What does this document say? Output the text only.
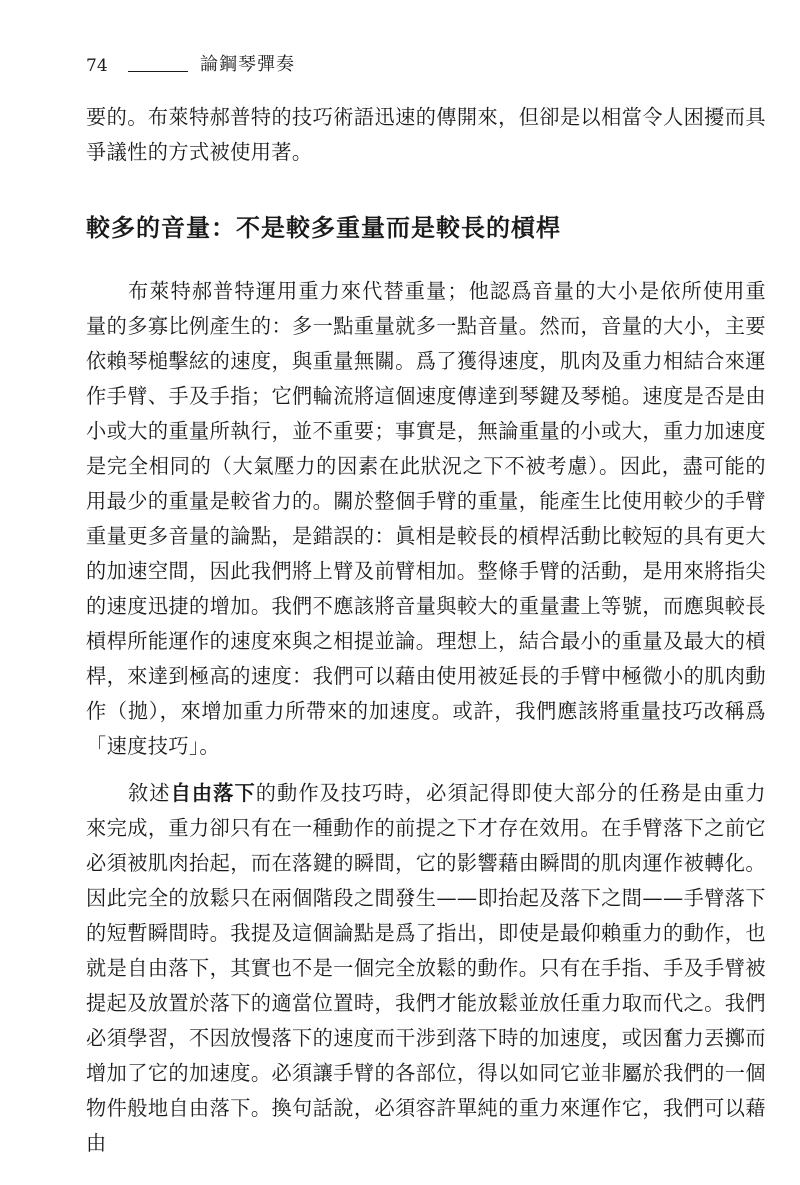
74	論鋼琴彈奏

要的。布萊特郝普特的技巧術語迅速的傳開來，但卻是以相當令人困擾而具爭議性的方式被使用著。

較多的音量：不是較多重量而是較長的槓桿

布萊特郝普特運用重力來代替重量；他認爲音量的大小是依所使用重量的多寡比例產生的：多一點重量就多一點音量。然而，音量的大小，主要依賴琴槌擊絃的速度，與重量無關。爲了獲得速度，肌肉及重力相結合來運作手臂、手及手指；它們輪流將這個速度傳達到琴鍵及琴槌。速度是否是由小或大的重量所執行，並不重要；事實是，無論重量的小或大，重力加速度是完全相同的（大氣壓力的因素在此狀況之下不被考慮）。因此，盡可能的用最少的重量是較省力的。關於整個手臂的重量，能產生比使用較少的手臂重量更多音量的論點，是錯誤的：眞相是較長的槓桿活動比較短的具有更大的加速空間，因此我們將上臂及前臂相加。整條手臂的活動，是用來將指尖的速度迅捷的增加。我們不應該將音量與較大的重量畫上等號，而應與較長槓桿所能運作的速度來與之相提並論。理想上，結合最小的重量及最大的槓桿，來達到極高的速度：我們可以藉由使用被延長的手臂中極微小的肌肉動作（拋），來增加重力所帶來的加速度。或許，我們應該將重量技巧改稱爲「速度技巧」。

敘述自由落下的動作及技巧時，必須記得即使大部分的任務是由重力來完成，重力卻只有在一種動作的前提之下才存在效用。在手臂落下之前它必須被肌肉抬起，而在落鍵的瞬間，它的影響藉由瞬間的肌肉運作被轉化。因此完全的放鬆只在兩個階段之間發生——即抬起及落下之間——手臂落下的短暫瞬間時。我提及這個論點是爲了指出，即使是最仰賴重力的動作，也就是自由落下，其實也不是一個完全放鬆的動作。只有在手指、手及手臂被提起及放置於落下的適當位置時，我們才能放鬆並放任重力取而代之。我們必須學習，不因放慢落下的速度而干涉到落下時的加速度，或因奮力丟擲而增加了它的加速度。必須讓手臂的各部位，得以如同它並非屬於我們的一個物件般地自由落下。換句話說，必須容許單純的重力來運作它，我們可以藉由
